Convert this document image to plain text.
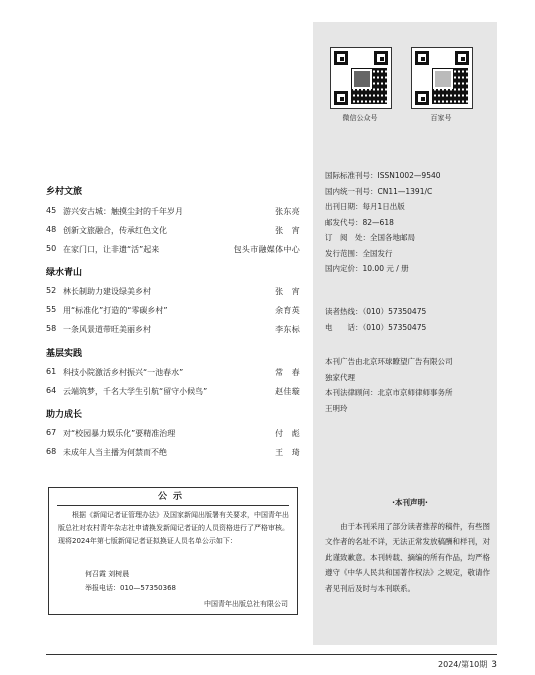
乡村文旅
45 游兴安古城：触摸尘封的千年岁月	张东亮
48 创新文旅融合，传承红色文化	张　宵
50 在家门口，让非遗“活”起来	包头市融媒体中心
绿水青山
52 林长制助力建设绿美乡村	张　宵
55 用“标准化”打造的“零碳乡村”	余育英
58 一条风景道带旺美丽乡村	李东标
基层实践
61 科技小院激活乡村振兴“一池春水”	常　春
64 云端筑梦，千名大学生引航“留守小候鸟”	赵佳璇
助力成长
67 对“校园暴力娱乐化”要精准治理	付　彪
68 未成年人当主播为何禁而不绝	王　琦
公示
根据《新闻记者证管理办法》及国家新闻出版署有关要求，中国青年出版总社对农村青年杂志社申请换发新闻记者证的人员资格进行了严格审核。现将2024年第七版新闻记者证拟换证人员名单公示如下：
何召霞 刘树晨
举报电话：010—57350368
中国青年出版总社有限公司
微信公众号	百家号
国际标准刊号：ISSN1002—9540
国内统一刊号：CN11—1391/C
出刊日期：每月1日出版
邮发代号：82—618
订　阅　处：全国各地邮局
发行范围：全国发行
国内定价：10.00 元 / 册
读者热线：（010）57350475
电　　话：（010）57350475
本刊广告由北京环球瞭望广告有限公司
独家代理
本刊法律顾问：北京市京师律师事务所
王明玲
·本刊声明·
由于本刊采用了部分读者推荐的稿件，有些图文作者的名址不详，无法正常发放稿酬和样刊，对此谨致歉意。本刊转载、摘编的所有作品，均严格遵守《中华人民共和国著作权法》之规定，敬请作者见刊后及时与本刊联系。
2024/第10期 3
